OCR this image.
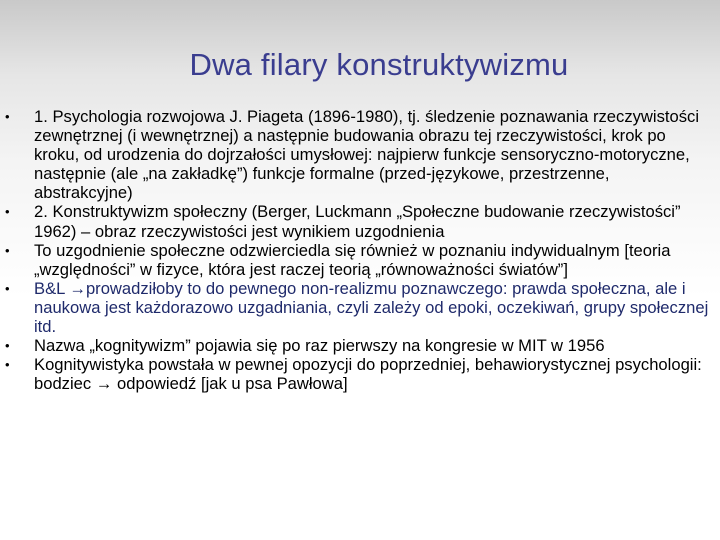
Dwa filary konstruktywizmu
• 1. Psychologia rozwojowa J. Piageta (1896-1980), tj. śledzenie poznawania rzeczywistości zewnętrznej (i wewnętrznej) a następnie budowania obrazu tej rzeczywistości, krok po kroku, od urodzenia do dojrzałości umysłowej: najpierw funkcje sensoryczno-motoryczne, następnie (ale „na zakładkę”) funkcje formalne (przed-językowe, przestrzenne, abstrakcyjne)
• 2. Konstruktywizm społeczny (Berger, Luckmann „Społeczne budowanie rzeczywistości” 1962) – obraz rzeczywistości jest wynikiem uzgodnienia
• To uzgodnienie społeczne odzwierciedla się również w poznaniu indywidualnym [teoria „względności” w fizyce, która jest raczej teorią „równoważności światów”]
• B&L →prowadziłoby to do pewnego non-realizmu poznawczego: prawda społeczna, ale i naukowa jest każdorazowo uzgadniania, czyli zależy od epoki, oczekiwań, grupy społecznej itd.
• Nazwa „kognitywizm” pojawia się po raz pierwszy na kongresie w MIT w 1956
• Kognitywistyka powstała w pewnej opozycji do poprzedniej, behawiorystycznej psychologii: bodziec → odpowiedź [jak u psa Pawłowa]
